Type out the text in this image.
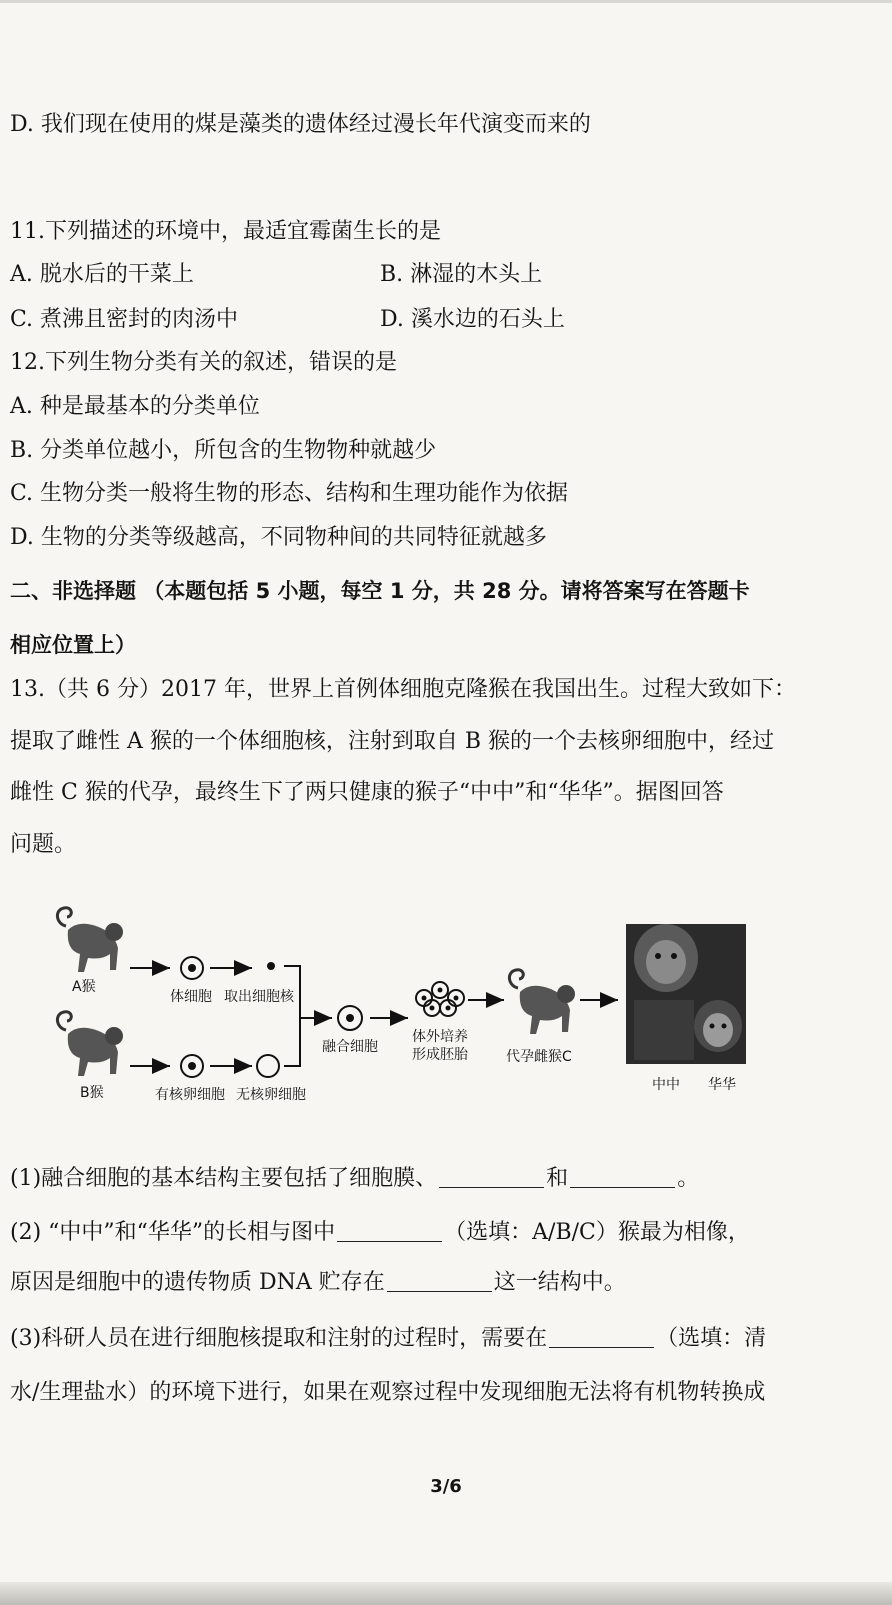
D. 我们现在使用的煤是藻类的遗体经过漫长年代演变而来的
11.下列描述的环境中，最适宜霉菌生长的是
A. 脱水后的干菜上	B. 淋湿的木头上
C. 煮沸且密封的肉汤中	D. 溪水边的石头上
12.下列生物分类有关的叙述，错误的是
A. 种是最基本的分类单位
B. 分类单位越小，所包含的生物物种就越少
C. 生物分类一般将生物的形态、结构和生理功能作为依据
D. 生物的分类等级越高，不同物种间的共同特征就越多
二、非选择题 （本题包括 5 小题，每空 1 分，共 28 分。请将答案写在答题卡
相应位置上）
13.（共 6 分）2017 年，世界上首例体细胞克隆猴在我国出生。过程大致如下：
提取了雌性 A 猴的一个体细胞核，注射到取自 B 猴的一个去核卵细胞中，经过
雌性 C 猴的代孕，最终生下了两只健康的猴子“中中”和“华华”。据图回答
问题。
A猴
B猴
体细胞 取出细胞核
有核卵细胞 无核卵细胞
融合细胞
体外培养
形成胚胎	代孕雌猴C
中中 华华
(1)融合细胞的基本结构主要包括了细胞膜、	和	。
(2) “中中”和“华华”的长相与图中	（选填：A/B/C）猴最为相像，
原因是细胞中的遗传物质 DNA 贮存在	这一结构中。
(3)科研人员在进行细胞核提取和注射的过程时，需要在	（选填：清
水/生理盐水）的环境下进行，如果在观察过程中发现细胞无法将有机物转换成
3/6
